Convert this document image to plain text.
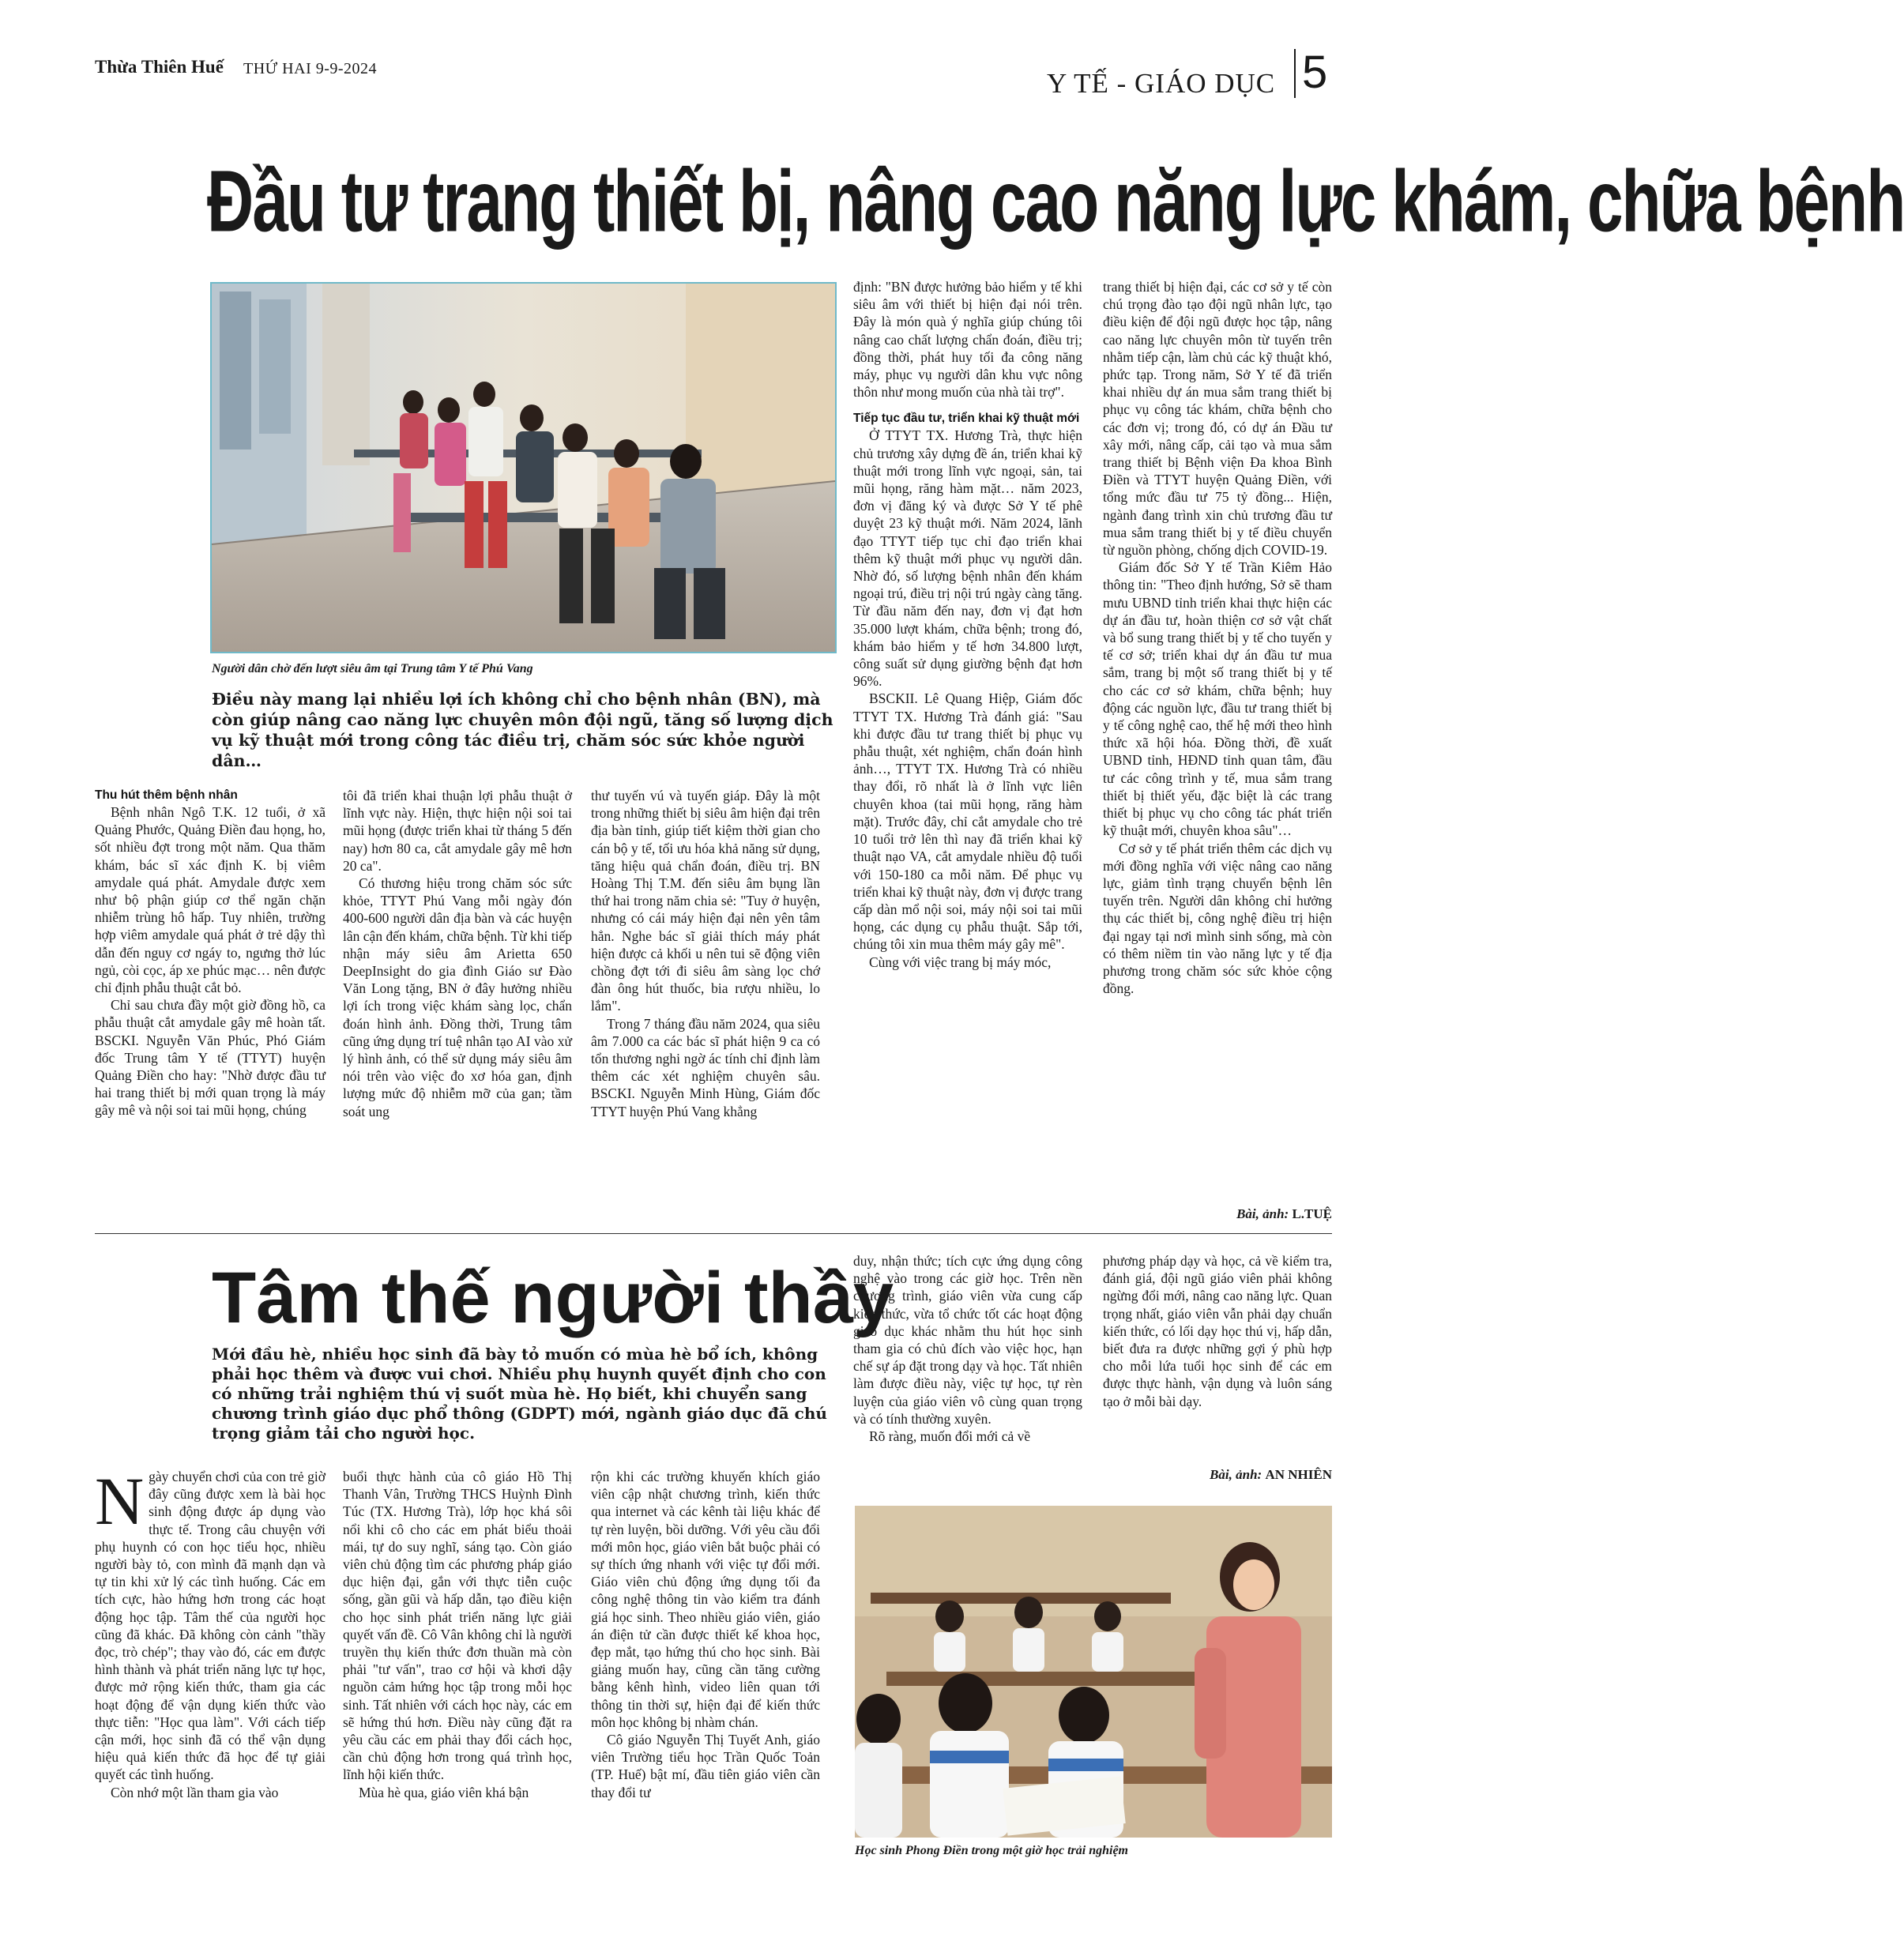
Thừa Thiên Huế THỨ HAI 9-9-2024	Y TẾ - GIÁO DỤC 5
Đầu tư trang thiết bị, nâng cao năng lực khám, chữa bệnh
Người dân chờ đến lượt siêu âm tại Trung tâm Y tế Phú Vang
Điều này mang lại nhiều lợi ích không chỉ cho bệnh nhân (BN), mà còn giúp nâng cao năng lực chuyên môn đội ngũ, tăng số lượng dịch vụ kỹ thuật mới trong công tác điều trị, chăm sóc sức khỏe người dân…
Thu hút thêm bệnh nhân

Bệnh nhân Ngô T.K. 12 tuổi, ở xã Quảng Phước, Quảng Điền đau họng, ho, sốt nhiều đợt trong một năm. Qua thăm khám, bác sĩ xác định K. bị viêm amydale quá phát. Amydale được xem như bộ phận giúp cơ thể ngăn chặn nhiễm trùng hô hấp. Tuy nhiên, trường hợp viêm amydale quá phát ở trẻ dậy thì dẫn đến nguy cơ ngáy to, ngưng thở lúc ngủ, còi cọc, áp xe phúc mạc… nên được chỉ định phẫu thuật cắt bỏ.

Chỉ sau chưa đầy một giờ đồng hồ, ca phẫu thuật cắt amydale gây mê hoàn tất. BSCKI. Nguyễn Văn Phúc, Phó Giám đốc Trung tâm Y tế (TTYT) huyện Quảng Điền cho hay: "Nhờ được đầu tư hai trang thiết bị mới quan trọng là máy gây mê và nội soi tai mũi họng, chúng

tôi đã triển khai thuận lợi phẫu thuật ở lĩnh vực này. Hiện, thực hiện nội soi tai mũi họng (được triển khai từ tháng 5 đến nay) hơn 80 ca, cắt amydale gây mê hơn 20 ca".

Có thương hiệu trong chăm sóc sức khỏe, TTYT Phú Vang mỗi ngày đón 400-600 người dân địa bàn và các huyện lân cận đến khám, chữa bệnh. Từ khi tiếp nhận máy siêu âm Arietta 650 DeepInsight do gia đình Giáo sư Đào Văn Long tặng, BN ở đây hưởng nhiều lợi ích trong việc khám sàng lọc, chẩn đoán hình ảnh. Đồng thời, Trung tâm cũng ứng dụng trí tuệ nhân tạo AI vào xử lý hình ảnh, có thể sử dụng máy siêu âm nói trên vào việc đo xơ hóa gan, định lượng mức độ nhiễm mỡ của gan; tầm soát ung

thư tuyến vú và tuyến giáp. Đây là một trong những thiết bị siêu âm hiện đại trên địa bàn tỉnh, giúp tiết kiệm thời gian cho cán bộ y tế, tối ưu hóa khả năng sử dụng, tăng hiệu quả chẩn đoán, điều trị. BN Hoàng Thị T.M. đến siêu âm bụng lần thứ hai trong năm chia sẻ: "Tuy ở huyện, nhưng có cái máy hiện đại nên yên tâm hẳn. Nghe bác sĩ giải thích máy phát hiện được cả khối u nên tui sẽ động viên chồng đợt tới đi siêu âm sàng lọc chớ đàn ông hút thuốc, bia rượu nhiều, lo lắm".

Trong 7 tháng đầu năm 2024, qua siêu âm 7.000 ca các bác sĩ phát hiện 9 ca có tổn thương nghi ngờ ác tính chỉ định làm thêm các xét nghiệm chuyên sâu. BSCKI. Nguyễn Minh Hùng, Giám đốc TTYT huyện Phú Vang khẳng

định: "BN được hưởng bảo hiểm y tế khi siêu âm với thiết bị hiện đại nói trên. Đây là món quà ý nghĩa giúp chúng tôi nâng cao chất lượng chẩn đoán, điều trị; đồng thời, phát huy tối đa công năng máy, phục vụ người dân khu vực nông thôn như mong muốn của nhà tài trợ".

Tiếp tục đầu tư, triển khai kỹ thuật mới

Ở TTYT TX. Hương Trà, thực hiện chủ trương xây dựng đề án, triển khai kỹ thuật mới trong lĩnh vực ngoại, sản, tai mũi họng, răng hàm mặt… năm 2023, đơn vị đăng ký và được Sở Y tế phê duyệt 23 kỹ thuật mới. Năm 2024, lãnh đạo TTYT tiếp tục chỉ đạo triển khai thêm kỹ thuật mới phục vụ người dân. Nhờ đó, số lượng bệnh nhân đến khám ngoại trú, điều trị nội trú ngày càng tăng. Từ đầu năm đến nay, đơn vị đạt hơn 35.000 lượt khám, chữa bệnh; trong đó, khám bảo hiểm y tế hơn 34.800 lượt, công suất sử dụng giường bệnh đạt hơn 96%.

BSCKII. Lê Quang Hiệp, Giám đốc TTYT TX. Hương Trà đánh giá: "Sau khi được đầu tư trang thiết bị phục vụ phẫu thuật, xét nghiệm, chẩn đoán hình ảnh…, TTYT TX. Hương Trà có nhiều thay đổi, rõ nhất là ở lĩnh vực liên chuyên khoa (tai mũi họng, răng hàm mặt). Trước đây, chỉ cắt amydale cho trẻ 10 tuổi trở lên thì nay đã triển khai kỹ thuật nạo VA, cắt amydale nhiều độ tuổi với 150-180 ca mỗi năm. Để phục vụ triển khai kỹ thuật này, đơn vị được trang cấp dàn mổ nội soi, máy nội soi tai mũi họng, các dụng cụ phẫu thuật. Sắp tới, chúng tôi xin mua thêm máy gây mê".

Cùng với việc trang bị máy móc,

trang thiết bị hiện đại, các cơ sở y tế còn chú trọng đào tạo đội ngũ nhân lực, tạo điều kiện để đội ngũ được học tập, nâng cao năng lực chuyên môn từ tuyến trên nhằm tiếp cận, làm chủ các kỹ thuật khó, phức tạp. Trong năm, Sở Y tế đã triển khai nhiều dự án mua sắm trang thiết bị phục vụ công tác khám, chữa bệnh cho các đơn vị; trong đó, có dự án Đầu tư xây mới, nâng cấp, cải tạo và mua sắm trang thiết bị Bệnh viện Đa khoa Bình Điền và TTYT huyện Quảng Điền, với tổng mức đầu tư 75 tỷ đồng... Hiện, ngành đang trình xin chủ trương đầu tư mua sắm trang thiết bị y tế điều chuyển từ nguồn phòng, chống dịch COVID-19.

Giám đốc Sở Y tế Trần Kiêm Hảo thông tin: "Theo định hướng, Sở sẽ tham mưu UBND tỉnh triển khai thực hiện các dự án đầu tư, hoàn thiện cơ sở vật chất và bổ sung trang thiết bị y tế cho tuyến y tế cơ sở; triển khai dự án đầu tư mua sắm, trang bị một số trang thiết bị y tế cho các cơ sở khám, chữa bệnh; huy động các nguồn lực, đầu tư trang thiết bị y tế công nghệ cao, thế hệ mới theo hình thức xã hội hóa. Đồng thời, đề xuất UBND tỉnh, HĐND tỉnh quan tâm, đầu tư các công trình y tế, mua sắm trang thiết bị thiết yếu, đặc biệt là các trang thiết bị phục vụ cho công tác phát triển kỹ thuật mới, chuyên khoa sâu"…

Cơ sở y tế phát triển thêm các dịch vụ mới đồng nghĩa với việc nâng cao năng lực, giảm tình trạng chuyển bệnh lên tuyến trên. Người dân không chỉ hưởng thụ các thiết bị, công nghệ điều trị hiện đại ngay tại nơi mình sinh sống, mà còn có thêm niềm tin vào năng lực y tế địa phương trong chăm sóc sức khỏe cộng đồng.

Bài, ảnh: L.TUỆ
Tâm thế người thầy
Mới đầu hè, nhiều học sinh đã bày tỏ muốn có mùa hè bổ ích, không phải học thêm và được vui chơi. Nhiều phụ huynh quyết định cho con có những trải nghiệm thú vị suốt mùa hè. Họ biết, khi chuyển sang chương trình giáo dục phổ thông (GDPT) mới, ngành giáo dục đã chú trọng giảm tải cho người học.

Ngày chuyển chơi của con trẻ giờ đây cũng được xem là bài học sinh động được áp dụng vào thực tế. Trong câu chuyện với phụ huynh có con học tiểu học, nhiều người bày tỏ, con mình đã mạnh dạn và tự tin khi xử lý các tình huống. Các em tích cực, hào hứng hơn trong các hoạt động học tập. Tâm thế của người học cũng đã khác. Đã không còn cảnh "thầy đọc, trò chép"; thay vào đó, các em được hình thành và phát triển năng lực tự học, được mở rộng kiến thức, tham gia các hoạt động để vận dụng kiến thức vào thực tiễn: "Học qua làm". Với cách tiếp cận mới, học sinh đã có thể vận dụng hiệu quả kiến thức đã học để tự giải quyết các tình huống.

Còn nhớ một lần tham gia vào

buổi thực hành của cô giáo Hồ Thị Thanh Vân, Trường THCS Huỳnh Đình Túc (TX. Hương Trà), lớp học khá sôi nổi khi cô cho các em phát biểu thoải mái, tự do suy nghĩ, sáng tạo. Còn giáo viên chủ động tìm các phương pháp giáo dục hiện đại, gắn với thực tiễn cuộc sống, gần gũi và hấp dẫn, tạo điều kiện cho học sinh phát triển năng lực giải quyết vấn đề. Cô Vân không chỉ là người truyền thụ kiến thức đơn thuần mà còn phải "tư vấn", trao cơ hội và khơi dậy nguồn cảm hứng học tập trong mỗi học sinh. Tất nhiên với cách học này, các em sẽ hứng thú hơn. Điều này cũng đặt ra yêu cầu các em phải thay đổi cách học, cần chủ động hơn trong quá trình học, lĩnh hội kiến thức.

Mùa hè qua, giáo viên khá bận

rộn khi các trường khuyến khích giáo viên cập nhật chương trình, kiến thức qua internet và các kênh tài liệu khác để tự rèn luyện, bồi dưỡng. Với yêu cầu đổi mới môn học, giáo viên bắt buộc phải có sự thích ứng nhanh với việc tự đổi mới. Giáo viên chủ động ứng dụng tối đa công nghệ thông tin vào kiểm tra đánh giá học sinh. Theo nhiều giáo viên, giáo án điện tử cần được thiết kế khoa học, đẹp mắt, tạo hứng thú cho học sinh. Bài giảng muốn hay, cũng cần tăng cường bằng kênh hình, video liên quan tới thông tin thời sự, hiện đại để kiến thức môn học không bị nhàm chán.

Cô giáo Nguyễn Thị Tuyết Anh, giáo viên Trường tiểu học Trần Quốc Toản (TP. Huế) bật mí, đầu tiên giáo viên cần thay đổi tư

duy, nhận thức; tích cực ứng dụng công nghệ vào trong các giờ học. Trên nền chương trình, giáo viên vừa cung cấp kiến thức, vừa tổ chức tốt các hoạt động giáo dục khác nhằm thu hút học sinh tham gia có chủ đích vào việc học, hạn chế sự áp đặt trong dạy và học. Tất nhiên làm được điều này, việc tự học, tự rèn luyện của giáo viên vô cùng quan trọng và có tính thường xuyên.

Rõ ràng, muốn đổi mới cả về

phương pháp dạy và học, cả về kiểm tra, đánh giá, đội ngũ giáo viên phải không ngừng đổi mới, nâng cao năng lực. Quan trọng nhất, giáo viên vẫn phải dạy chuẩn kiến thức, có lối dạy học thú vị, hấp dẫn, biết đưa ra được những gợi ý phù hợp cho mỗi lứa tuổi học sinh để các em được thực hành, vận dụng và luôn sáng tạo ở mỗi bài dạy.

Bài, ảnh: AN NHIÊN
Học sinh Phong Điền trong một giờ học trải nghiệm
